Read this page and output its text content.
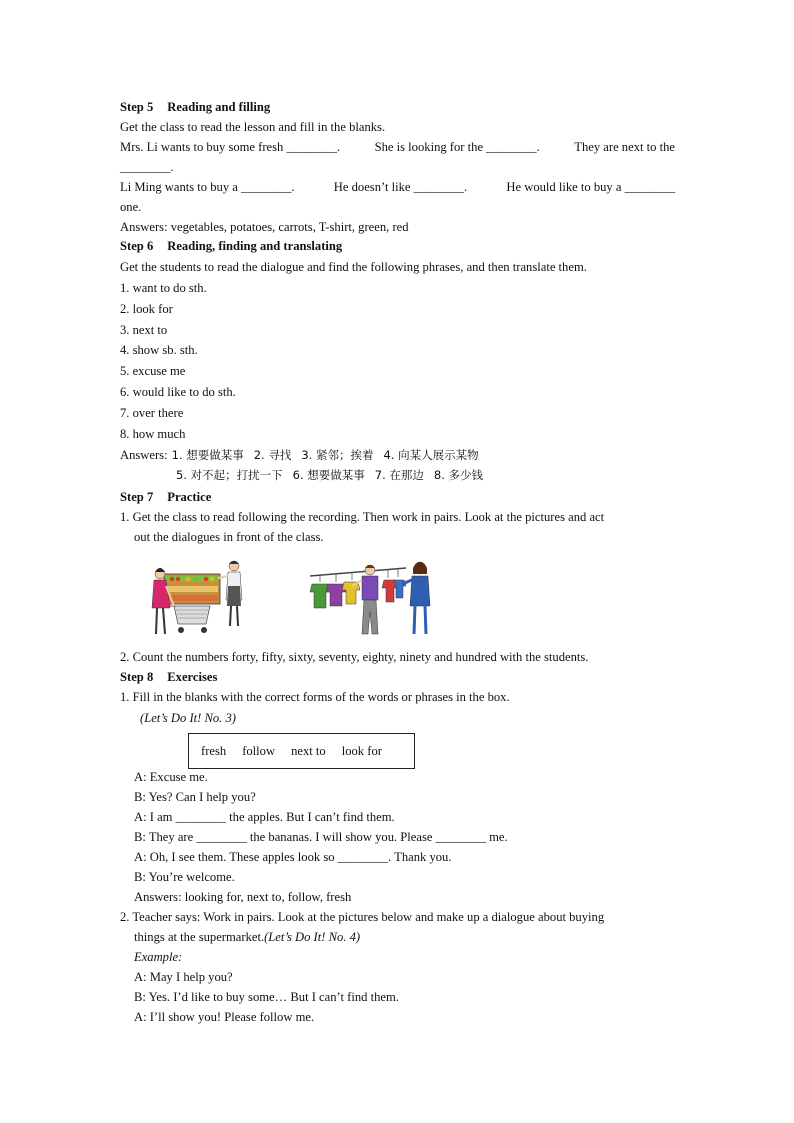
Step 5 Reading and filling
Get the class to read the lesson and fill in the blanks.
Mrs. Li wants to buy some fresh ________.	She is looking for the ________.	They are next to the
________.
Li Ming wants to buy a ________.	He doesn’t like ________.	He would like to buy a ________
one.
Answers: vegetables, potatoes, carrots, T-shirt, green, red
Step 6 Reading, finding and translating
Get the students to read the dialogue and find the following phrases, and then translate them.
1. want to do sth.
2. look for
3. next to
4. show sb. sth.
5. excuse me
6. would like to do sth.
7. over there
8. how much
Answers: 1. 想要做某事 2. 寻找 3. 紧邻；挨着 4. 向某人展示某物
5. 对不起；打扰一下 6. 想要做某事 7. 在那边 8. 多少钱
Step 7 Practice
1. Get the class to read following the recording. Then work in pairs. Look at the pictures and act
out the dialogues in front of the class.
2. Count the numbers forty, fifty, sixty, seventy, eighty, ninety and hundred with the students.
Step 8 Exercises
1. Fill in the blanks with the correct forms of the words or phrases in the box.
(Let’s Do It! No. 3)
fresh follow next to look for
A: Excuse me.
B: Yes? Can I help you?
A: I am ________ the apples. But I can’t find them.
B: They are ________ the bananas. I will show you. Please ________ me.
A: Oh, I see them. These apples look so ________. Thank you.
B: You’re welcome.
Answers: looking for, next to, follow, fresh
2. Teacher says: Work in pairs. Look at the pictures below and make up a dialogue about buying
things at the supermarket.(Let’s Do It! No. 4)
Example:
A: May I help you?
B: Yes. I’d like to buy some… But I can’t find them.
A: I’ll show you! Please follow me.
